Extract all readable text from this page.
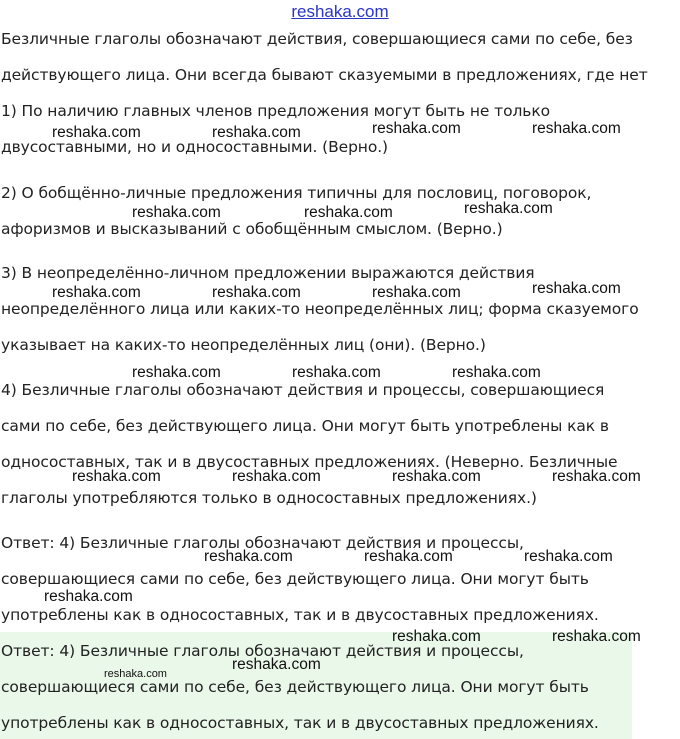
reshaka.com
Безличные глаголы обозначают действия, совершающиеся сами по себе, без
действующего лица. Они всегда бывают сказуемыми в предложениях, где нет
1) По наличию главных членов предложения могут быть не только
двусоставными, но и односоставными. (Верно.)
2) О бобщённо-личные предложения типичны для пословиц, поговорок,
афоризмов и высказываний с обобщённым смыслом. (Верно.)
3) В неопределённо-личном предложении выражаются действия
неопределённого лица или каких-то неопределённых лиц; форма сказуемого
указывает на каких-то неопределённых лиц (они). (Верно.)
4) Безличные глаголы обозначают действия и процессы, совершающиеся
сами по себе, без действующего лица. Они могут быть употреблены как в
односоставных, так и в двусоставных предложениях. (Неверно. Безличные
глаголы употребляются только в односоставных предложениях.)
Ответ: 4) Безличные глаголы обозначают действия и процессы,
совершающиеся сами по себе, без действующего лица. Они могут быть
употреблены как в односоставных, так и в двусоставных предложениях.
Ответ: 4) Безличные глаголы обозначают действия и процессы,
совершающиеся сами по себе, без действующего лица. Они могут быть
употреблены как в односоставных, так и в двусоставных предложениях.
reshaka.com	reshaka.com	reshaka.com	reshaka.com
reshaka.com	reshaka.com	reshaka.com
reshaka.com	reshaka.com	reshaka.com	reshaka.com
reshaka.com	reshaka.com	reshaka.com
reshaka.com	reshaka.com	reshaka.com	reshaka.com
reshaka.com	reshaka.com	reshaka.com
reshaka.com
reshaka.com	reshaka.com
reshaka.com
reshaka.com
